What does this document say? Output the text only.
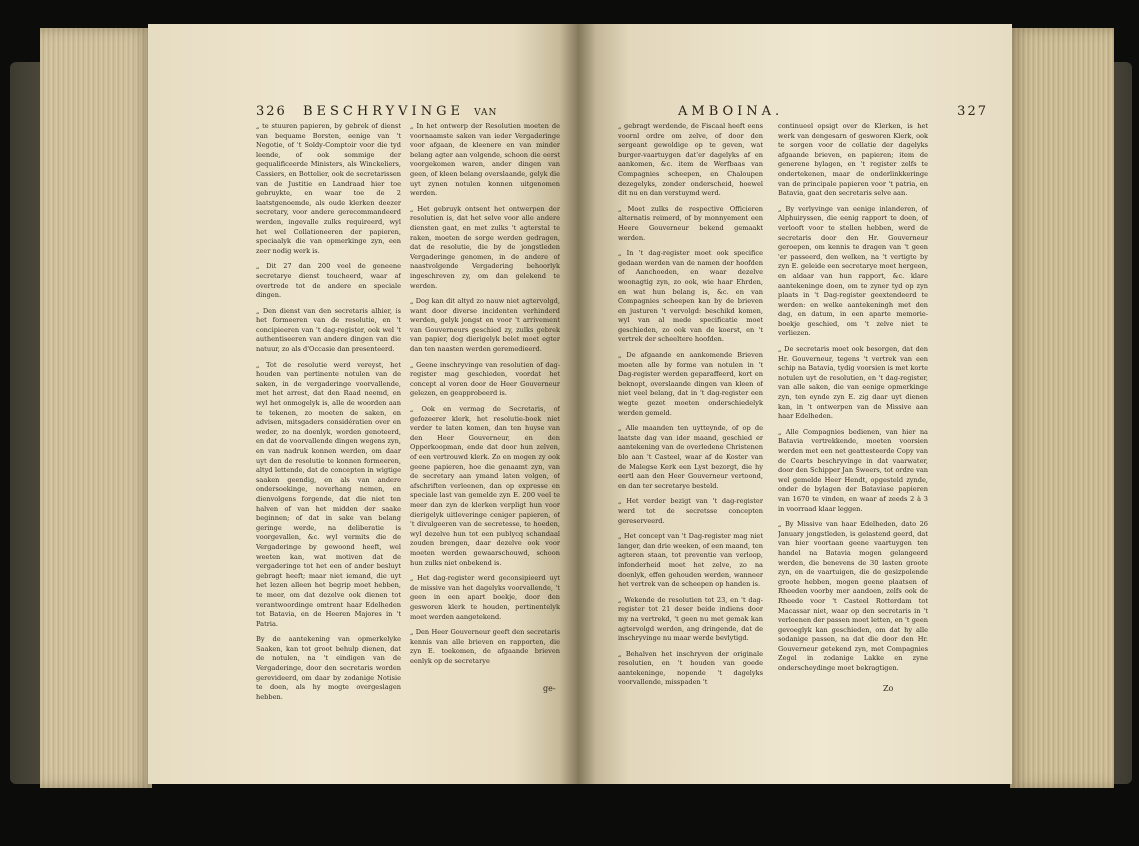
326 BESCHRYVINGE VAN

„ te stuuren papieren, by gebrek of dienst van bequame Borsten, eenige van 't Negotie, of 't Soldy-Comptoir voor die tyd leende, of ook sommige der gequalificeerde Ministers, als Winckeliers, Cassiers, en Bottelier, ook de secretarissen van de Justitie en Landraad hier toe gebruykte, en waar toe de 2 laatstgenoemde, als oude klerken deezer secretary, voor andere gerecommandeerd werden, ingevalle zulks requireerd, wyl het wel Collationeeren der papieren, speciaalyk die van opmerkinge zyn, een zeer nodig werk is.

„ Dit 27 dan 200 veel de geneene secretarye dienst toucheerd, waar af overtrede tot de andere en speciale dingen.

„ Den dienst van den secretaris alhier, is het formeeren van de resolutie, en 't concipieeren van 't dag-register, ook wel 't authentiseeren van andere dingen van die natuur, zo als d'Occasie dan presenteerd.

„ Tot de resolutie werd vereyst, het houden van pertinente notulen van de saken, in de vergaderinge voorvallende, met het arrest, dat den Raad neemd, en wyl het onmogelyk is, alle de woorden aan te tekenen, zo moeten de saken, en advisen, mitsgaders considératien over en weder, zo na doenlyk, worden genoteerd, en dat de voorvallende dingen wegens zyn, en van nadruk konnen werden, om daar uyt den de resolutie te konnen formeeren, altyd lettende, dat de concepten in wigtige saaken geendig, en als van andere ondersoekinge, noverhang nemen, en dienvolgens forgende, dat die niet ten halven of van het midden der saake beginnen; of dat in sake van belang geringe werde, na deliberatie is voorgevallen, &c. wyl vermits die de Vergaderinge by gewoond heeft, wel weeten kan, wat motiven dat de vergaderinge tot het een of ander besluyt gebragt heeft; maar niet iemand, die uyt het lezen alleen het begrip moet hebben, te meer, om dat dezelve ook dienen tot verantwoordinge omtrent haar Edelheden tot Batavia, en de Heeren Majores in 't Patria.

By de aantekening van opmerkelyke Saaken, kan tot groot behulp dienen, dat de notulen, na 't eindigen van de Vergaderinge, door den secretaris worden gerevideerd, om daar by zodanige Notisie te doen, als hy mogte overgeslagen hebben.

„ In het ontwerp der Resolutien moeten de voornaamste saken van ieder Vergaderinge voor afgaan, de kleenere en van minder belang agter aan volgende, schoon die eerst voorgekomen waren, ander dingen van geen, of kleen belang overslaande, gelyk die uyt zynen notulen konnen uitgenomen werden.

„ Het gebruyk ontsent het ontwerpen der resolutien is, dat het selve voor alle andere diensten gaat, en met zulks 't agterstal te raken, moeten de sorge werden gedragen, dat de resolutie, die by de jongstleden Vergaderinge genomen, in de andere of naastvolgende Vergadering behoorlyk ingeschreven zy, om dan gelekend te werden.

„ Dog kan dit altyd zo nauw niet agtervolgd, want door diverse incidenten verhinderd werden, gelyk jongst en voor 't arrivement van Gouverneurs geschied zy, zulks gebrek van papier, dog dierigelyk belet moet egter dan ten naasten werden geremedieerd.

„ Geene inschryvinge van resolutien of dag-register mag geschieden, voordat het concept al voren door de Heer Gouverneur gelezen, en geapprobeerd is.

„ Ook en vermag de Secretaris, of gefozeerer klerk, het resolutie-boek niet verder te laten komen, dan ten huyse van den Heer Gouverneur, en den Opperkoopman, ende dat door hun zelven, of een vertrouwd klerk. Zo en mogen zy ook geene papieren, hoe die genaamt zyn, van de secretary aan ymand laten volgen, of afschriften verleenen, dan op expresse en speciale last van gemelde zyn E. 200 veel te meer dan zyn de klerken verpligt hun voor dierigelyk uitleveringe ceniger papieren, of 't divulgeeren van de secretesse, te hoeden, wyl dezelve hun tot een publycq schandaal zouden brengen, daar dezelve ook voor moeten werden gewaarschouwd, schoon hun zulks niet onbekend is.

„ Het dag-register werd geconsipieerd uyt de missive van het dagelyks voorvallende, 't geen in een apart boekje, door den gesworen klerk te houden, pertinentelyk moet werden aangetekend.

„ Den Heer Gouverneur geeft den secretaris kennis van alle brieven en rapporten, die zyn E. toekomen, de afgaande brieven eenlyk op de secretarye

ge-
AMBOINA.	327

„ gebragt werdende, de Fiscaal heeft eens voornl ordre om zelve, of door den sergeant gewoldige op te geven, wat burger-vaartuygen dat'er dagelyks af en aankomen, &c. item de Werfbaas van Compagnies scheepen, en Chaloupen dezegelyks, zonder onderscheid, hoewel dit nu en dan verstuymd werd.

„ Moet zulks de respective Officieren alternatis reimerd, of by monnyement een Heere Gouverneur bekend gemaakt werden.

„ In 't dag-register moet ook specifice gedaan werden van de namen der hoofden of Aanchoeden, en waar dezelve woonagtig zyn, zo ook, wie haar Ehrden, en wat hun belang is, &c. en van Compagnies scheepen kan by de brieven en justuren 't vervolgd: beschikd komen, wyl van al mede specificatie moet geschieden, zo ook van de koerst, en 't vertrek der scheeltere hoofden.

„ De afgaande en aankomende Brieven moeten alle by forme van notulen in 't Dag-register werden geparaffeerd, kort en beknopt, overslaande dingen van kleen of niet veel belang, dat in 't dag-register een wegte gezet moeten onderschiedelyk werden gemeld.

„ Alle maanden ten uytteynde, of op de laatste dag van ider maand, geschied er aantekening van de overledene Christenen blo aan 't Casteel, waar af de Koster van de Malegse Kerk een Lyst bezorgt, die hy eertl aan den Heer Gouverneur vertoond, en dan ter secretarye besteld.

„ Het verder bezigt van 't dag-register werd tot de secretsse concepten gereserveerd.

„ Het concept van 't Dag-register mag niet langer, dan drie weeken, of een maand, ten agteren staan, tot preventie van verloop, infonderheid moet het zelve, zo na doenlyk, effen gehouden werden, wanneer het vertrek van de scheepen op handen is.

„ Wekende de resolutien tot 23, en 't dag-register tot 21 deser beide indiens door my na vertrekd, 't geen nu met gemak kan agtervolgd werden, ang dringende, dat de inschryvinge nu maar werde bevlytigd.

„ Behalven het inschryven der originale resolutien, en 't houden van goede aantekeninge, nopende 't dagelyks voorvallende, misspaden 't

continueel opsigt over de Klerken, is het werk van dengesarn of gesworen Klerk, ook te sorgen voor de collatie der dagelyks afgaande brieven, en papieren; item de generene bylagen, en 't register zelfs te ondertekenen, maar de onderlinkkeringe van de principale papieren voor 't patria, en Batavia, gaat den secretaris selve aan.

„ By verlyvinge van eenige inlanderen, of Alphuiryssen, die eenig rapport te doen, of verlooft voor te stellen hebben, werd de secretaris door den Hr. Gouverneur geroepen, om kennis te dragen van 't geen 'er passeerd, den welken, na 't vertigte by zyn E. geleide een secretarye moet hergeen, en aldaar van hun rapport, &c. klare aantekeninge doen, om te zyner tyd op zyn plaats in 't Dag-register geextendeerd te werden: en welke aantekeningh met den dag, en datum, in een aparte memorie-boekje geschied, om 't zelve niet te verliezen.

„ De secretaris moet ook besorgen, dat den Hr. Gouverneur, tegens 't vertrek van een schip na Batavia, tydig voorsien is met korte notulen uyt de resolutien, en 't dag-register, van alle saken, die van eenige opmerkinge zyn, ten eynde zyn E. zig daar uyt dienen kan, in 't ontwerpen van de Missive aan haar Edelheden.

„ Alle Compagnies bedienen, van hier na Batavia vertrekkende, moeten voorsien werden met een net geattesteerde Copy van de Cearts beschryvinge in dat vaarwater, door den Schipper Jan Sweers, tot ordre van wel gemelde Heer Hendt, opgesteld zynde, onder de bylagen der Bataviase papieren van 1670 te vinden, en waar af zeeds 2 à 3 in voorraad klaar leggen.

„ By Missive van haar Edelheden, dato 26 January jongstleden, is gelastend geerd, dat van hier voortaan geene vaartuygen ten handel na Batavia mogen gelangeerd werden, die benevens de 30 lasten groote zyn, en de vaartuigen, die de gesizpolende groote hebben, mogen geene plaatsen of Rheeden voorby mer aandoen, zelfs ook de Rheede voor 't Casteel Rotterdam tot Macassar niet, waar op den secretaris in 't verleenen der passen moet letten, en 't geen gevoeglyk kan geschieden, om dat hy alle sodanige passen, na dat die door den Hr. Gouverneur getekend zyn, met Compagnies Zegel in zodanige Lakke en zyne onderscheydinge moet bekragtigen.

Zo
